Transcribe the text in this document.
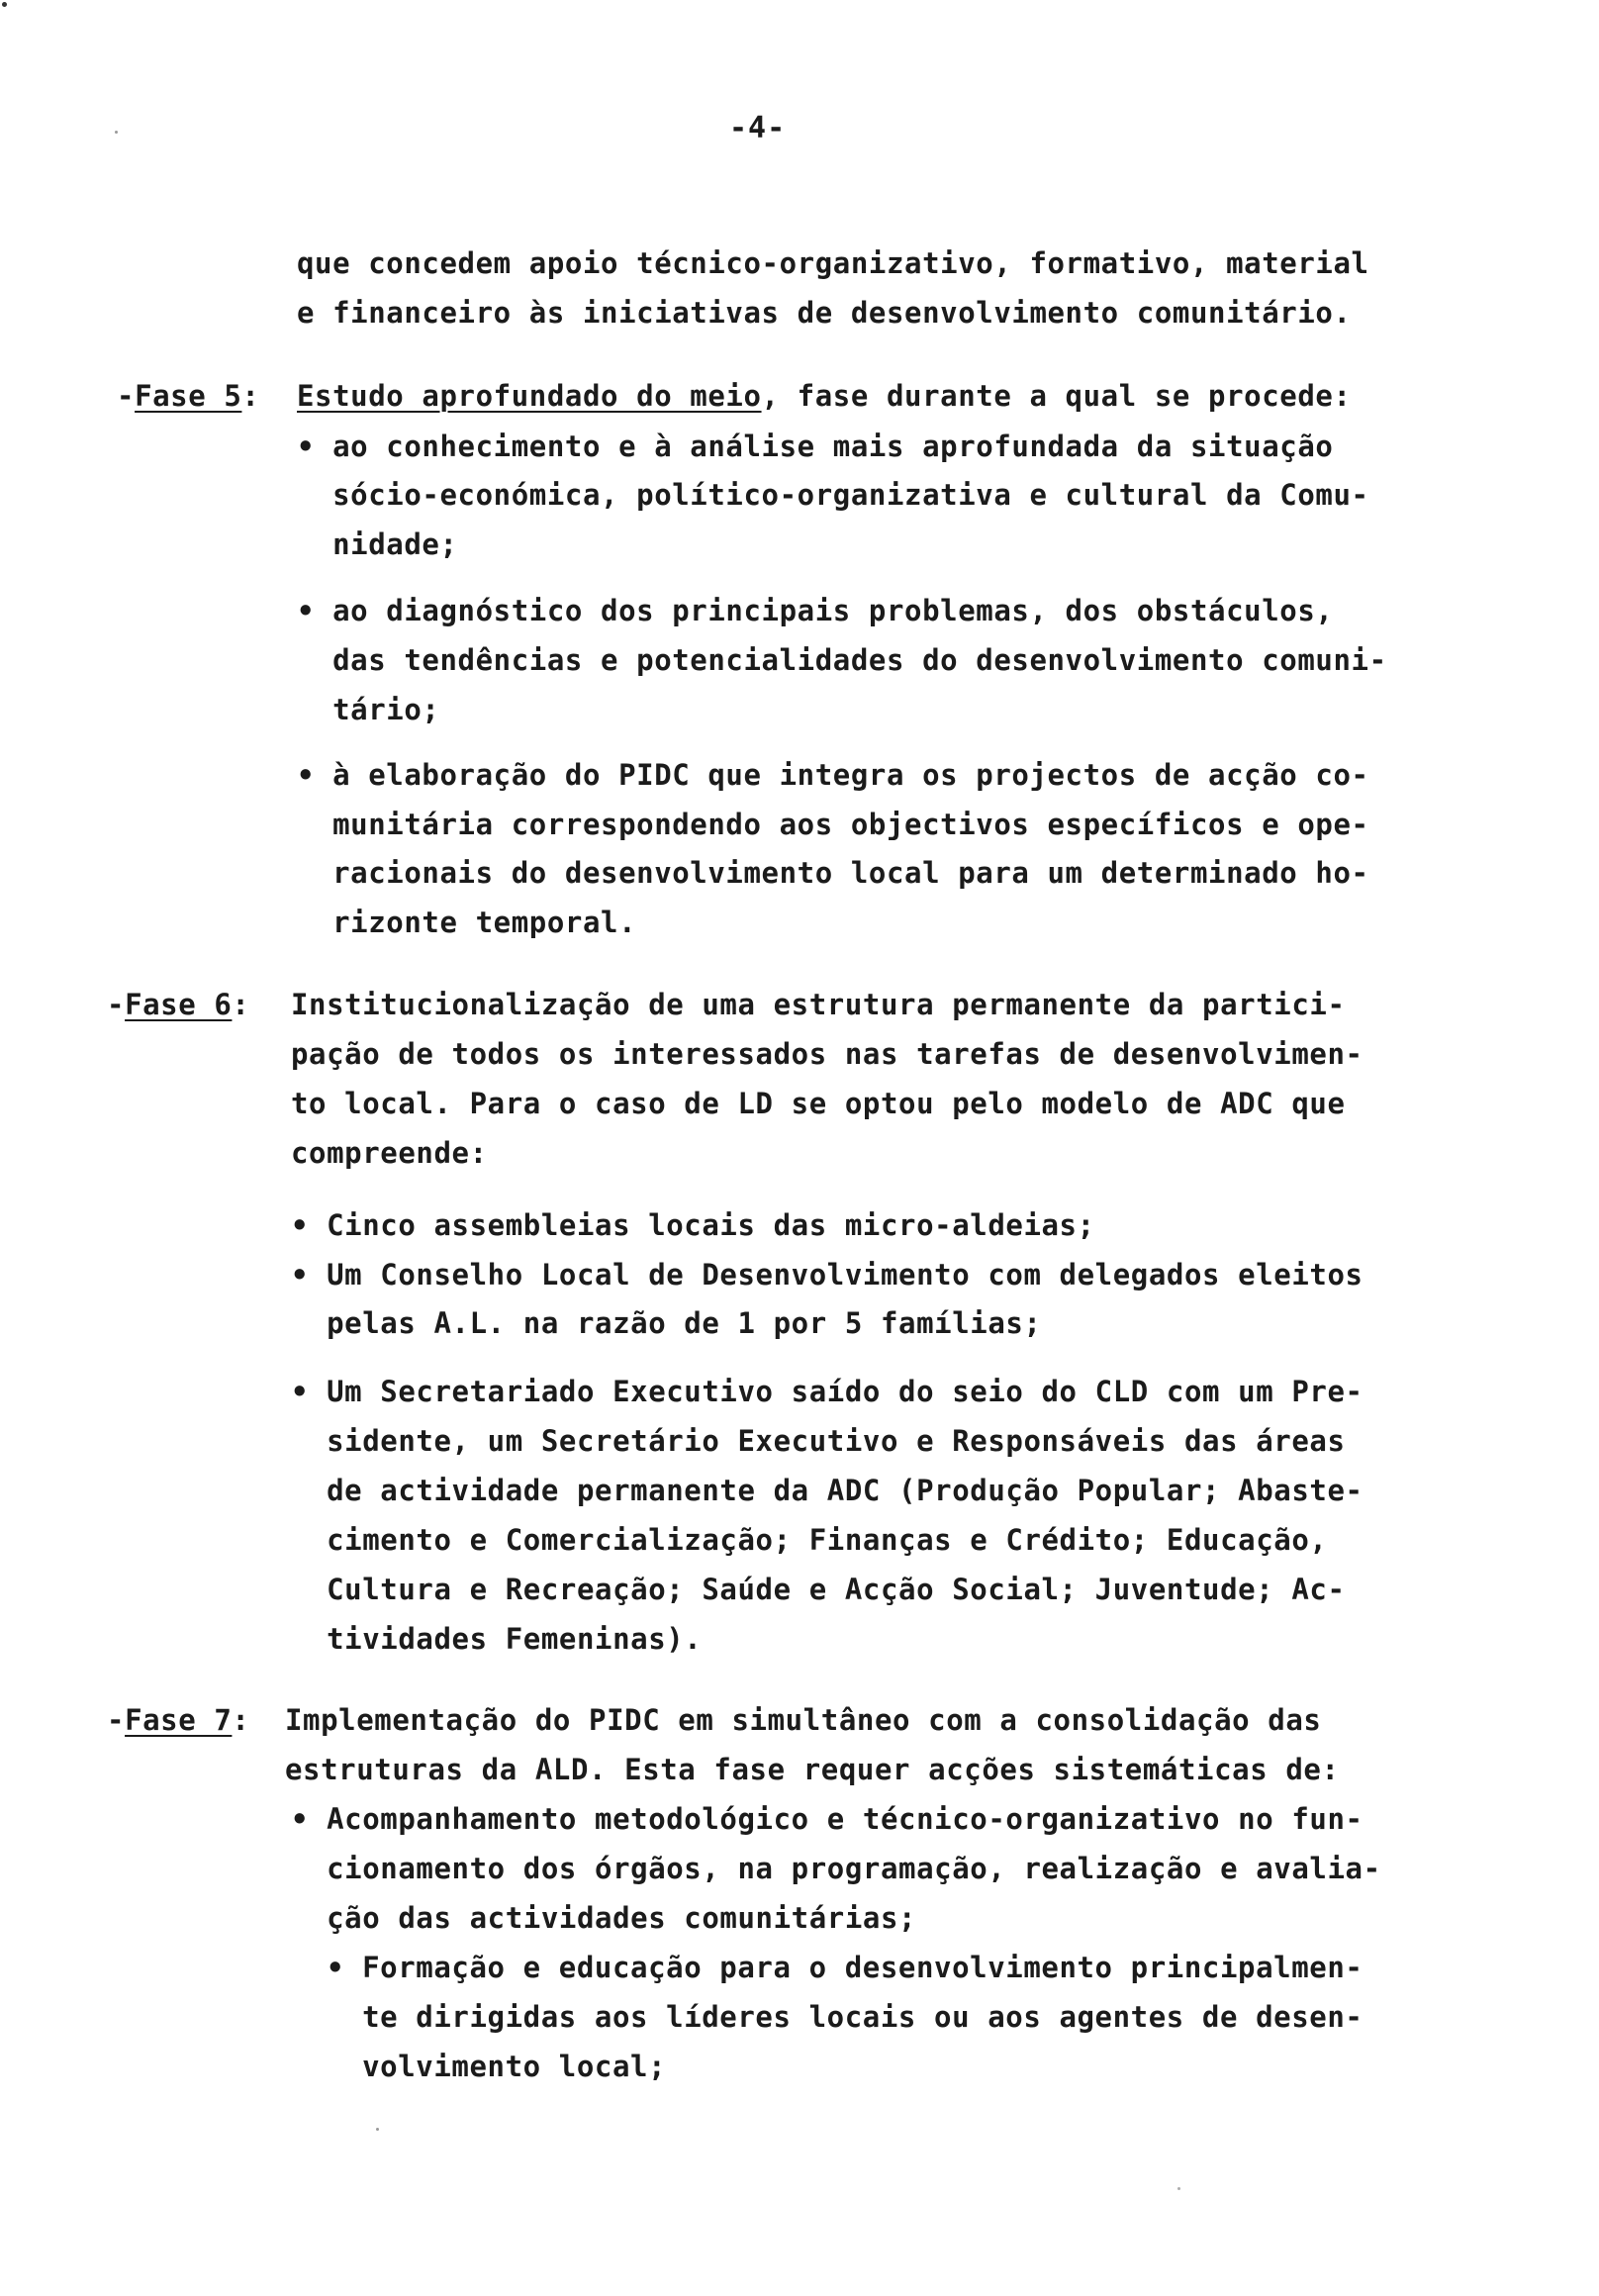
-4-
que concedem apoio técnico-organizativo, formativo, material
e financeiro às iniciativas de desenvolvimento comunitário.
-Fase 5: Estudo aprofundado do meio, fase durante a qual se procede:
• ao conhecimento e à análise mais aprofundada da situação
sócio-económica, político-organizativa e cultural da Comu-
nidade;
• ao diagnóstico dos principais problemas, dos obstáculos,
das tendências e potencialidades do desenvolvimento comuni-
tário;
• à elaboração do PIDC que integra os projectos de acção co-
munitária correspondendo aos objectivos específicos e ope-
racionais do desenvolvimento local para um determinado ho-
rizonte temporal.
-Fase 6: Institucionalização de uma estrutura permanente da partici-
pação de todos os interessados nas tarefas de desenvolvimen-
to local. Para o caso de LD se optou pelo modelo de ADC que
compreende:
• Cinco assembleias locais das micro-aldeias;
• Um Conselho Local de Desenvolvimento com delegados eleitos
pelas A.L. na razão de 1 por 5 famílias;
• Um Secretariado Executivo saído do seio do CLD com um Pre-
sidente, um Secretário Executivo e Responsáveis das áreas
de actividade permanente da ADC (Produção Popular; Abaste-
cimento e Comercialização; Finanças e Crédito; Educação,
Cultura e Recreação; Saúde e Acção Social; Juventude; Ac-
tividades Femeninas).
-Fase 7: Implementação do PIDC em simultâneo com a consolidação das
estruturas da ALD. Esta fase requer acções sistemáticas de:
• Acompanhamento metodológico e técnico-organizativo no fun-
cionamento dos órgãos, na programação, realização e avalia-
ção das actividades comunitárias;
• Formação e educação para o desenvolvimento principalmen-
te dirigidas aos líderes locais ou aos agentes de desen-
volvimento local;
